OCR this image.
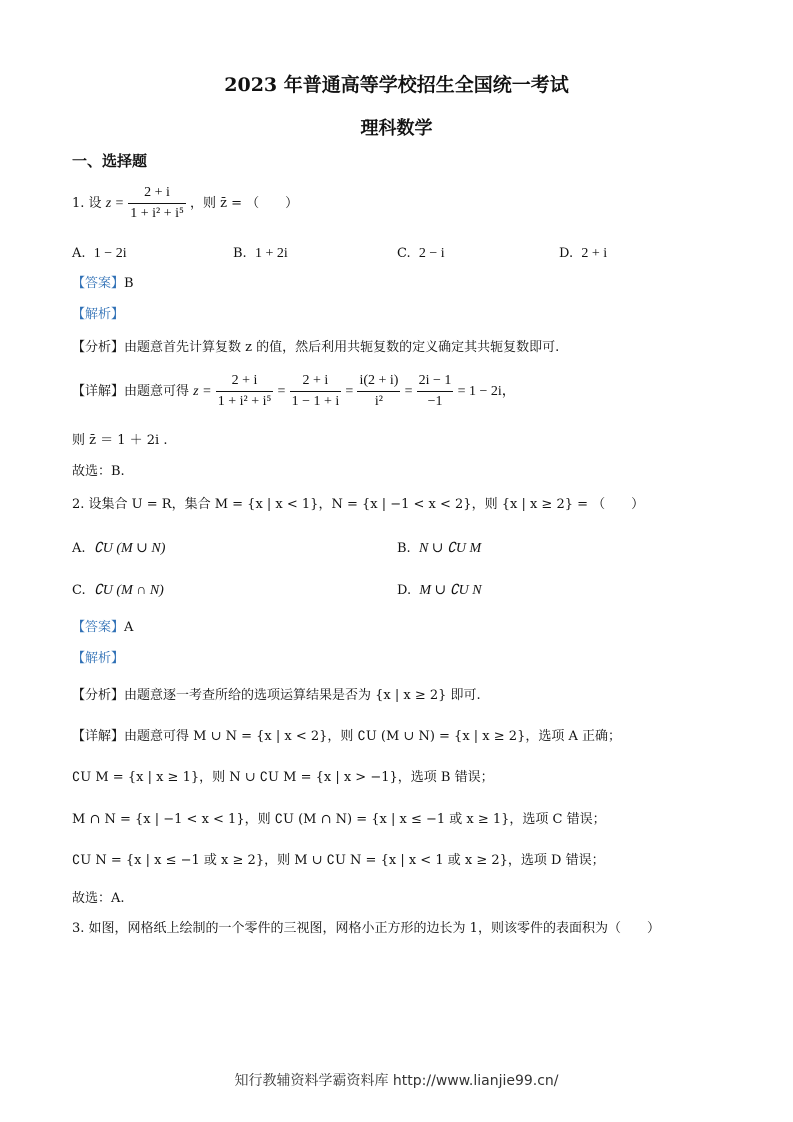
2023 年普通高等学校招生全国统一考试
理科数学
一、选择题
1. 设 $z = \frac{2 + i}{\text{1 + i² + i⁵}}$ ，则 z̄ = （　　）
A. 1 − 2i	B. 1 + 2i	C. 2 − i	D. 2 + i
【答案】B
【解析】
【分析】由题意首先计算复数 z 的值，然后利用共轭复数的定义确定其共轭复数即可.
【详解】由题意可得 $z = \frac{2 + i}{\text{1 + i² + i⁵}} = \frac{2 + i}{1 - 1 + i} = \frac{i(2 + i)}{\text{i²}} = \frac{2i - 1}{-1} = 1 - 2i$，
则 z̄ ＝ 1 ＋ 2i .
故选：B.
2. 设集合 U = R，集合 M = {x | x < 1}，N = {x | −1 < x < 2}，则 {x | x ≥ 2} = （　　）
A. ∁U (M ∪ N)	B. N ∪ ∁U M
C. ∁U (M ∩ N)	D. M ∪ ∁U N
【答案】A
【解析】
【分析】由题意逐一考查所给的选项运算结果是否为 {x | x ≥ 2} 即可.
【详解】由题意可得 M ∪ N = {x | x < 2}，则 ∁U (M ∪ N) = {x | x ≥ 2}，选项 A 正确；
∁U M = {x | x ≥ 1}，则 N ∪ ∁U M = {x | x > −1}，选项 B 错误；
M ∩ N = {x | −1 < x < 1}，则 ∁U (M ∩ N) = {x | x ≤ −1 或 x ≥ 1}，选项 C 错误；
∁U N = {x | x ≤ −1 或 x ≥ 2}，则 M ∪ ∁U N = {x | x < 1 或 x ≥ 2}，选项 D 错误；
故选：A.
3. 如图，网格纸上绘制的一个零件的三视图，网格小正方形的边长为 1，则该零件的表面积为（　　）
知行教辅资料学霸资料库 http://www.lianjie99.cn/
